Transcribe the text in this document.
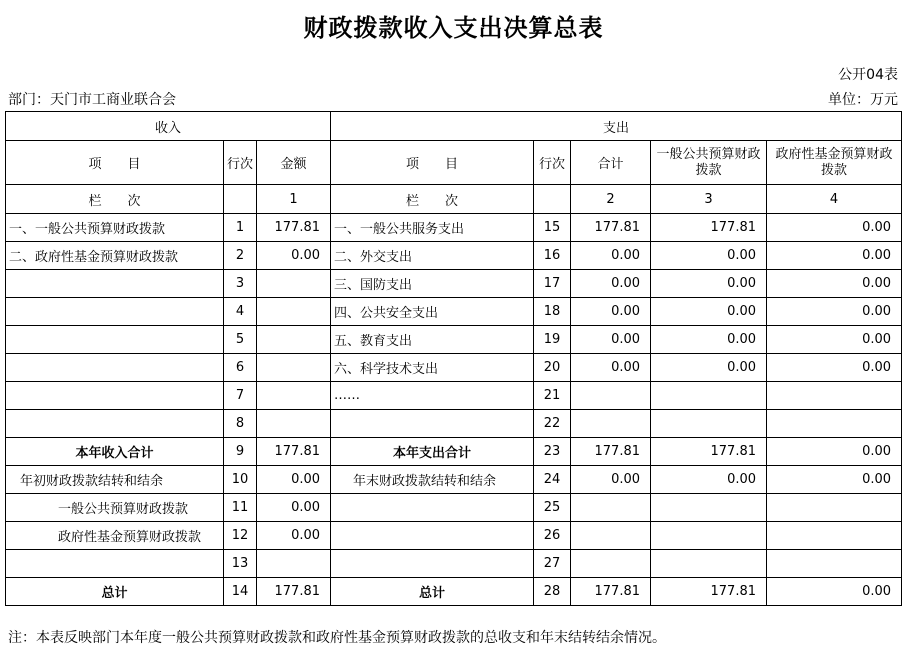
财政拨款收入支出决算总表
公开04表
部门：天门市工商业联合会	单位：万元
收入			支出				
项　　目	行次	金额	项　　目	行次	合计	一般公共预算财政拨款	政府性基金预算财政拨款
栏　　次		1	栏　　次		2	3	4
一、一般公共预算财政拨款	1	177.81	一、一般公共服务支出	15	177.81	177.81	0.00
二、政府性基金预算财政拨款	2	0.00	二、外交支出	16	0.00	0.00	0.00
	3		三、国防支出	17	0.00	0.00	0.00
	4		四、公共安全支出	18	0.00	0.00	0.00
	5		五、教育支出	19	0.00	0.00	0.00
	6		六、科学技术支出	20	0.00	0.00	0.00
	7		……	21			
	8			22			
本年收入合计	9	177.81	本年支出合计	23	177.81	177.81	0.00
年初财政拨款结转和结余	10	0.00	年末财政拨款结转和结余	24	0.00	0.00	0.00
一般公共预算财政拨款	11	0.00		25			
政府性基金预算财政拨款	12	0.00		26			
	13			27			
总计	14	177.81	总计	28	177.81	177.81	0.00
注：本表反映部门本年度一般公共预算财政拨款和政府性基金预算财政拨款的总收支和年末结转结余情况。
